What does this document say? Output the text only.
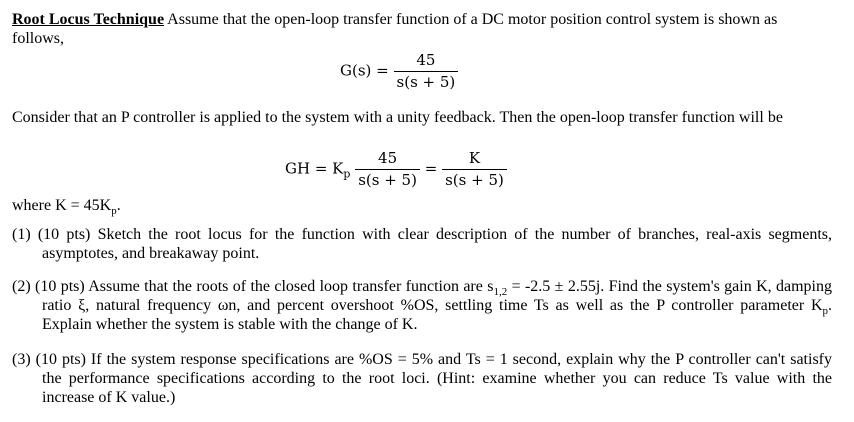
Root Locus Technique Assume that the open-loop transfer function of a DC motor position control system is shown as follows,
$G(s) = \frac{45}{s(s + 5)}$
Consider that an P controller is applied to the system with a unity feedback. Then the open-loop transfer function will be
GH = $K_p \frac{45}{s(s + 5)} = \frac{K}{s(s + 5)}$
where $K = 45K_p$.
(1) (10 pts) Sketch the root locus for the function with clear description of the number of branches, real-axis segments, asymptotes, and breakaway point.
(2) (10 pts) Assume that the roots of the closed loop transfer function are $s_{1,2} = -2.5 \pm 2.55j$. Find the system's gain K, damping ratio ξ, natural frequency ωn, and percent overshoot %OS, settling time Ts as well as the P controller parameter $K_p$. Explain whether the system is stable with the change of K.
(3) (10 pts) If the system response specifications are %OS = 5% and Ts = 1 second, explain why the P controller can't satisfy the performance specifications according to the root loci. (Hint: examine whether you can reduce Ts value with the increase of K value.)
